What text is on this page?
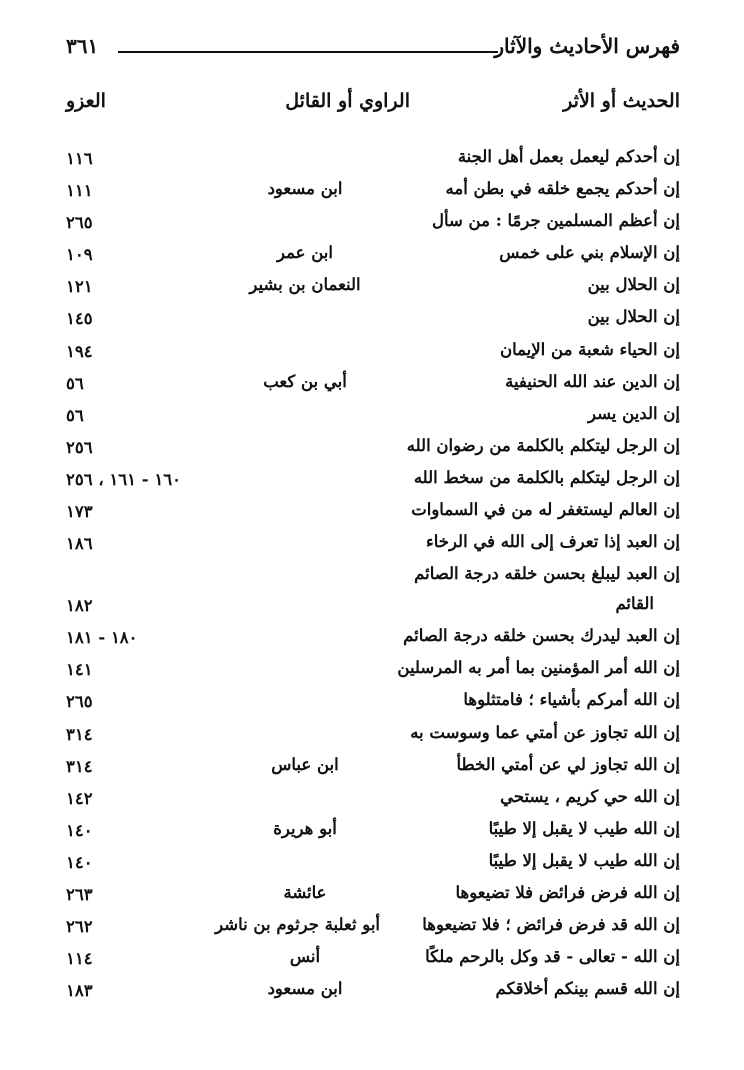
فهرس الأحاديث والآثار
٣٦١
الحديث أو الأثر
الراوي أو القائل
العزو
إن أحدكم ليعمل بعمل أهل الجنة
١١٦
إن أحدكم يجمع خلقه في بطن أمه
ابن مسعود
١١١
إن أعظم المسلمين جرمًا : من سأل
٢٦٥
إن الإسلام بني على خمس
ابن عمر
١٠٩
إن الحلال بين
النعمان بن بشير
١٢١
إن الحلال بين
١٤٥
إن الحياء شعبة من الإيمان
١٩٤
إن الدين عند الله الحنيفية
أبي بن كعب
٥٦
إن الدين يسر
٥٦
إن الرجل ليتكلم بالكلمة من رضوان الله
٢٥٦
إن الرجل ليتكلم بالكلمة من سخط الله
١٦٠ - ١٦١ ، ٢٥٦
إن العالم ليستغفر له من في السماوات
١٧٣
إن العبد إذا تعرف إلى الله في الرخاء
١٨٦
إن العبد ليبلغ بحسن خلقه درجة الصائم
القائم
١٨٢
إن العبد ليدرك بحسن خلقه درجة الصائم
١٨٠ - ١٨١
إن الله أمر المؤمنين بما أمر به المرسلين
١٤١
إن الله أمركم بأشياء ؛ فامتثلوها
٢٦٥
إن الله تجاوز عن أمتي عما وسوست به
٣١٤
إن الله تجاوز لي عن أمتي الخطأ
ابن عباس
٣١٤
إن الله حي كريم ، يستحي
١٤٢
إن الله طيب لا يقبل إلا طيبًا
أبو هريرة
١٤٠
إن الله طيب لا يقبل إلا طيبًا
١٤٠
إن الله فرض فرائض فلا تضيعوها
عائشة
٢٦٣
إن الله قد فرض فرائض ؛ فلا تضيعوها
أبو ثعلبة جرثوم بن ناشر
٢٦٢
إن الله - تعالى - قد وكل بالرحم ملكًا
أنس
١١٤
إن الله قسم بينكم أخلاقكم
ابن مسعود
١٨٣
